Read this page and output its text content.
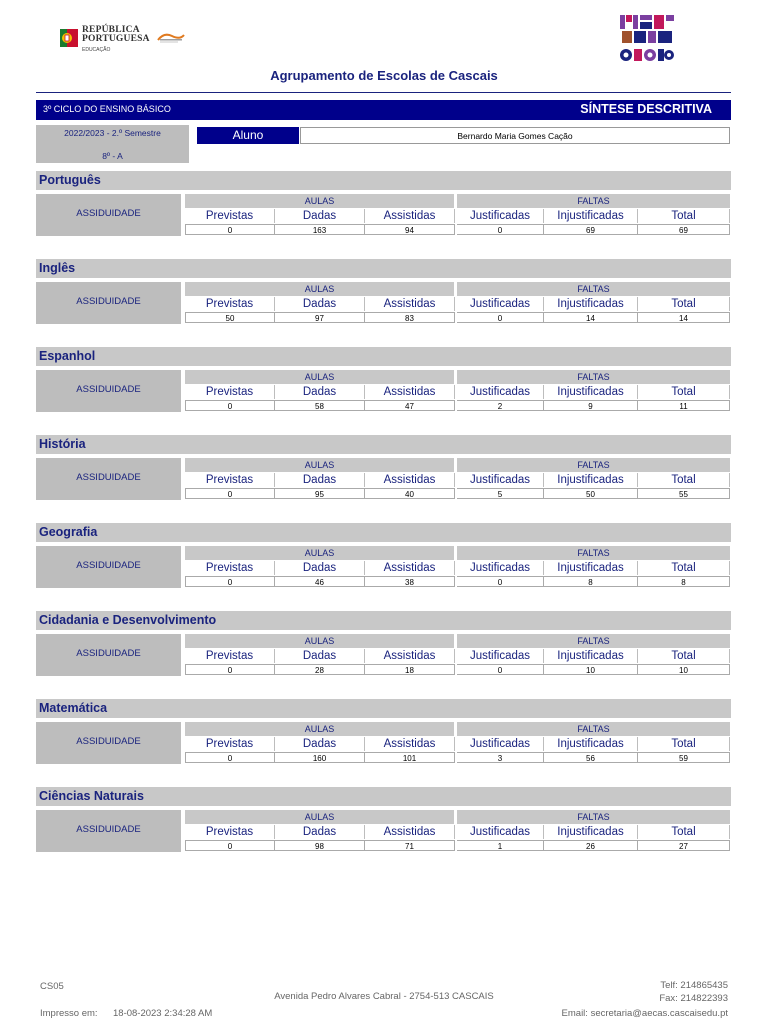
REPÚBLICA
PORTUGUESA
EDUCAÇÃO
Agrupamento de Escolas de Cascais
3º CICLO DO ENSINO BÁSICO	SÍNTESE DESCRITIVA
2022/2023 - 2.º Semestre
8º - A
Aluno	Bernardo Maria Gomes Cação
Português
ASSIDUIDADE
AULAS	FALTAS
Previstas	Dadas	Assistidas	Justificadas	Injustificadas	Total
0	163	94	0	69	69
Inglês
ASSIDUIDADE
AULAS	FALTAS
Previstas	Dadas	Assistidas	Justificadas	Injustificadas	Total
50	97	83	0	14	14
Espanhol
ASSIDUIDADE
AULAS	FALTAS
Previstas	Dadas	Assistidas	Justificadas	Injustificadas	Total
0	58	47	2	9	11
História
ASSIDUIDADE
AULAS	FALTAS
Previstas	Dadas	Assistidas	Justificadas	Injustificadas	Total
0	95	40	5	50	55
Geografia
ASSIDUIDADE
AULAS	FALTAS
Previstas	Dadas	Assistidas	Justificadas	Injustificadas	Total
0	46	38	0	8	8
Cidadania e Desenvolvimento
ASSIDUIDADE
AULAS	FALTAS
Previstas	Dadas	Assistidas	Justificadas	Injustificadas	Total
0	28	18	0	10	10
Matemática
ASSIDUIDADE
AULAS	FALTAS
Previstas	Dadas	Assistidas	Justificadas	Injustificadas	Total
0	160	101	3	56	59
Ciências Naturais
ASSIDUIDADE
AULAS	FALTAS
Previstas	Dadas	Assistidas	Justificadas	Injustificadas	Total
0	98	71	1	26	27
CS05
Impresso em: 18-08-2023 2:34:28 AM
Avenida Pedro Alvares Cabral - 2754-513 CASCAIS
Telf: 214865435
Fax: 214822393
Email: secretaria@aecas.cascaisedu.pt
